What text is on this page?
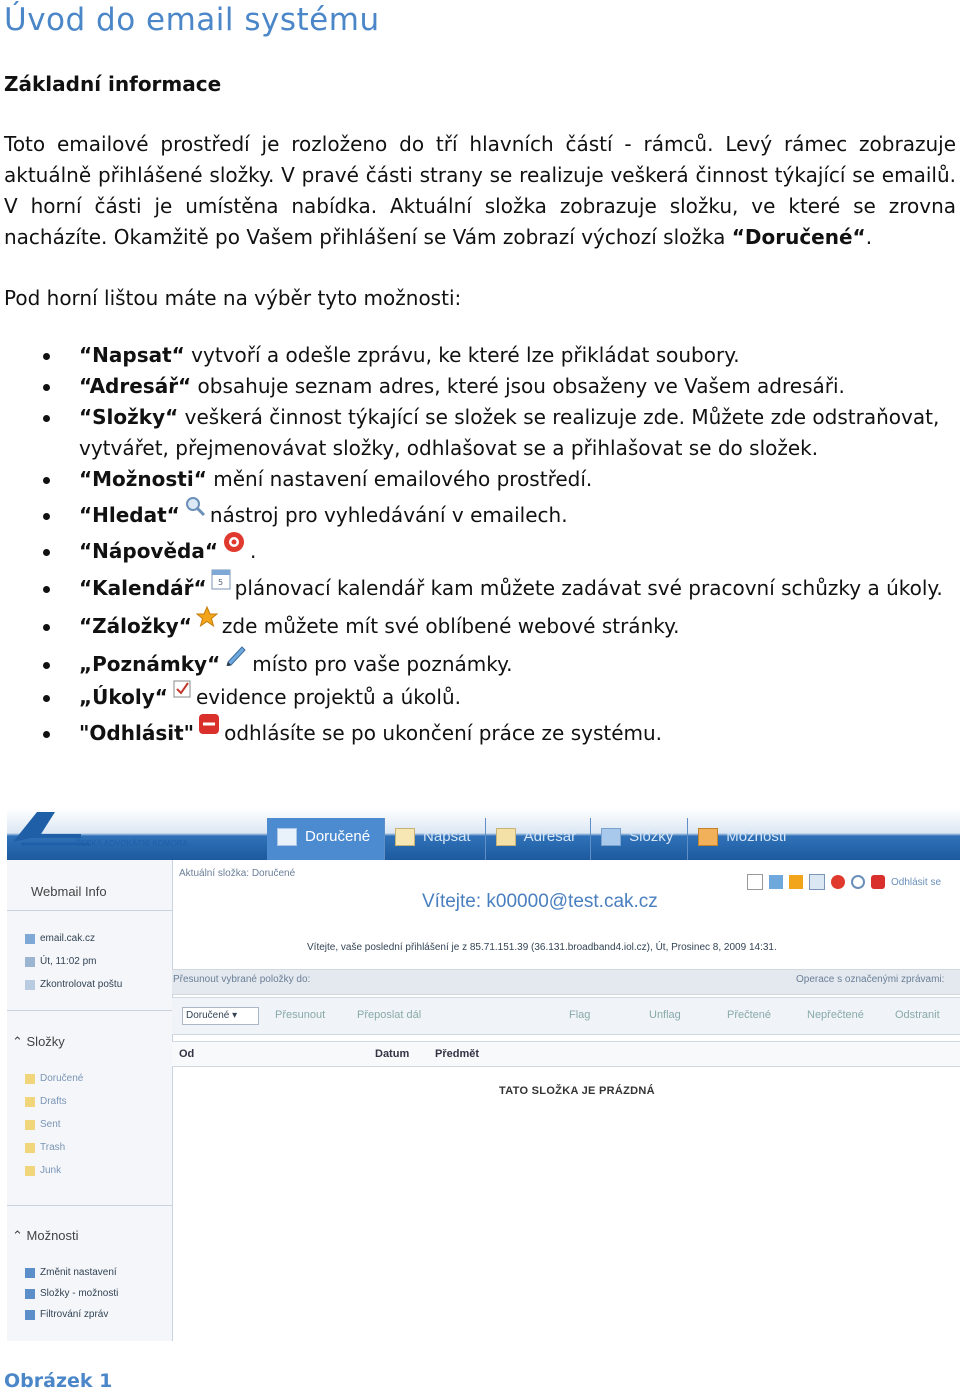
Úvod do email systému
Základní informace

Toto emailové prostředí je rozloženo do tří hlavních částí - rámců. Levý rámec zobrazuje aktuálně přihlášené složky. V pravé části strany se realizuje veškerá činnost týkající se emailů. V horní části je umístěna nabídka. Aktuální složka zobrazuje složku, ve které se zrovna nacházíte. Okamžitě po Vašem přihlášení se Vám zobrazí výchozí složka “Doručené“.

Pod horní lištou máte na výběr tyto možnosti:

“Napsat“ vytvoří a odešle zprávu, ke které lze přikládat soubory.
“Adresář“ obsahuje seznam adres, které jsou obsaženy ve Vašem adresáři.
“Složky“ veškerá činnost týkající se složek se realizuje zde. Můžete zde odstraňovat, vytvářet, přejmenovávat složky, odhlašovat se a přihlašovat se do složek.
“Možnosti“ mění nastavení emailového prostředí.
“Hledat“ nástroj pro vyhledávání v emailech.
“Nápověda“ .
“Kalendář“ 5 plánovací kalendář kam můžete zadávat své pracovní schůzky a úkoly.
“Záložky“ zde můžete mít své oblíbené webové stránky.
„Poznámky“ místo pro vaše poznámky.
„Úkoly“ evidence projektů a úkolů.
"Odhlásit" odhlásíte se po ukončení práce ze systému.
ČESKÁ ADVOKÁTNÍ KOMORA	Doručené	Napsat	Adresář	Složky	Možnosti
Webmail Info
email.cak.cz
Út, 11:02 pm
Zkontrolovat poštu
⌃ Složky
Doručené
Drafts
Sent
Trash
Junk
⌃ Možnosti
Změnit nastavení
Složky - možnosti
Filtrování zpráv
Aktuální složka: Doručené
Odhlásit se
Vítejte: k00000@test.cak.cz
Vítejte, vaše poslední přihlášení je z 85.71.151.39 (36.131.broadband4.iol.cz), Út, Prosinec 8, 2009 14:31.
Přesunout vybrané položky do:	Operace s označenými zprávami:
Doručené ▾	Přesunout	Přeposlat dál	Flag	Unflag	Přečtené	Nepřečtené	Odstranit
Od	Datum Předmět
TATO SLOŽKA JE PRÁZDNÁ

Obrázek 1
